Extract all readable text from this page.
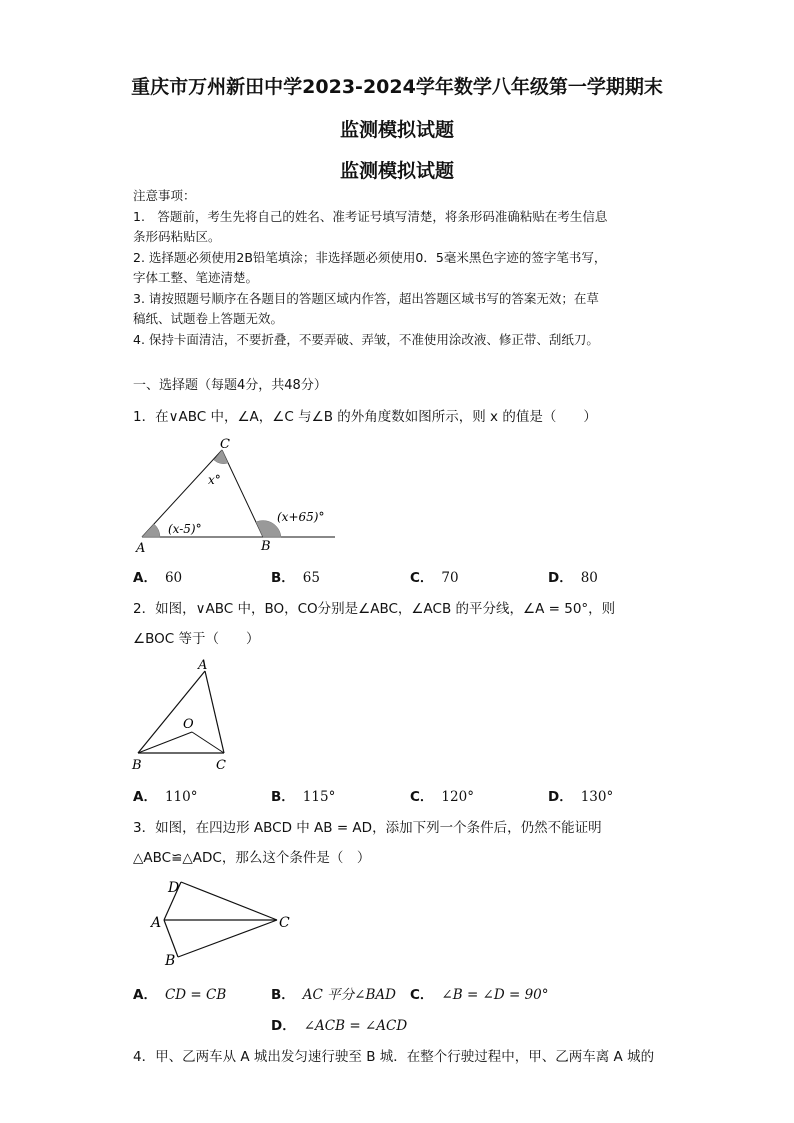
重庆市万州新田中学2023-2024学年数学八年级第一学期期末
监测模拟试题
监测模拟试题

注意事项：

1.　答题前，考生先将自己的姓名、准考证号填写清楚，将条形码准确粘贴在考生信息

条形码粘贴区。

2. 选择题必须使用2B铅笔填涂；非选择题必须使用0．5毫米黑色字迹的签字笔书写，

字体工整、笔迹清楚。

3. 请按照题号顺序在各题目的答题区域内作答，超出答题区域书写的答案无效；在草

稿纸、试题卷上答题无效。

4. 保持卡面清洁，不要折叠，不要弄破、弄皱，不准使用涂改液、修正带、刮纸刀。

一、选择题（每题4分，共48分）
1．在∨ABC 中，∠A，∠C 与∠B 的外角度数如图所示，则 x 的值是（　　）
C
x°
(x-5)°
(x+65)°
A	B
A． 60	B． 65	C． 70	D． 80
2．如图，∨ABC 中，BO，CO分别是∠ABC，∠ACB 的平分线，∠A = 50°，则
∠BOC 等于（　　）
A
O
B	C
A． 110°	B． 115°	C． 120°	D． 130°
3．如图，在四边形 ABCD 中 AB = AD，添加下列一个条件后，仍然不能证明
△ABC≌△ADC，那么这个条件是（　）
D
A	C
B
A． CD = CB	B． AC 平分∠BAD C． ∠B = ∠D = 90°
D． ∠ACB = ∠ACD
4．甲、乙两车从 A 城出发匀速行驶至 B 城．在整个行驶过程中，甲、乙两车离 A 城的
